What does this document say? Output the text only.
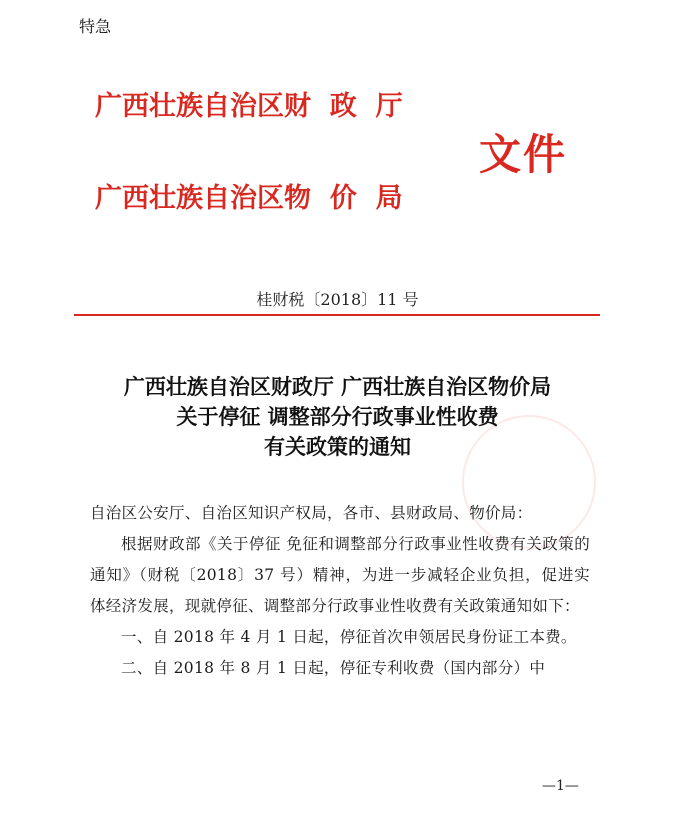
特急
广西壮族自治区财  政  厅
广西壮族自治区物  价  局
文件
桂财税〔2018〕11 号
广西壮族自治区财政厅 广西壮族自治区物价局
关于停征 调整部分行政事业性收费
有关政策的通知

自治区公安厅、自治区知识产权局，各市、县财政局、物价局：

根据财政部《关于停征 免征和调整部分行政事业性收费有关政策的通知》（财税〔2018〕37 号）精神，为进一步减轻企业负担，促进实体经济发展，现就停征、调整部分行政事业性收费有关政策通知如下：

一、自 2018 年 4 月 1 日起，停征首次申领居民身份证工本费。

二、自 2018 年 8 月 1 日起，停征专利收费（国内部分）中

—1—
